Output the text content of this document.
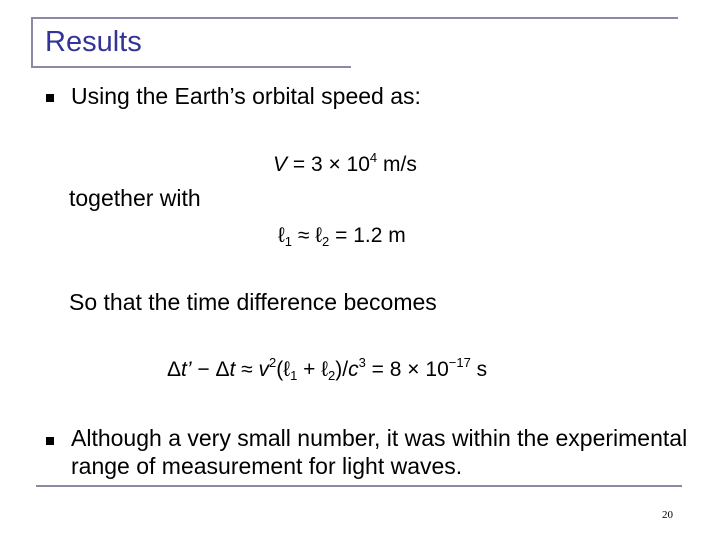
Results
Using the Earth’s orbital speed as:
$V = 3 \times 10^4$ m/s
together with
ℓ$_1$ ≈ ℓ$_2$ = 1.2 m
So that the time difference becomes
Δt’ − $\Delta t \approx v^2(\ell_1$ + $\ell_2)/c^3 = 8 \times 10^{-17}$ s
Although a very small number, it was within the experimental range of measurement for light waves.
20
